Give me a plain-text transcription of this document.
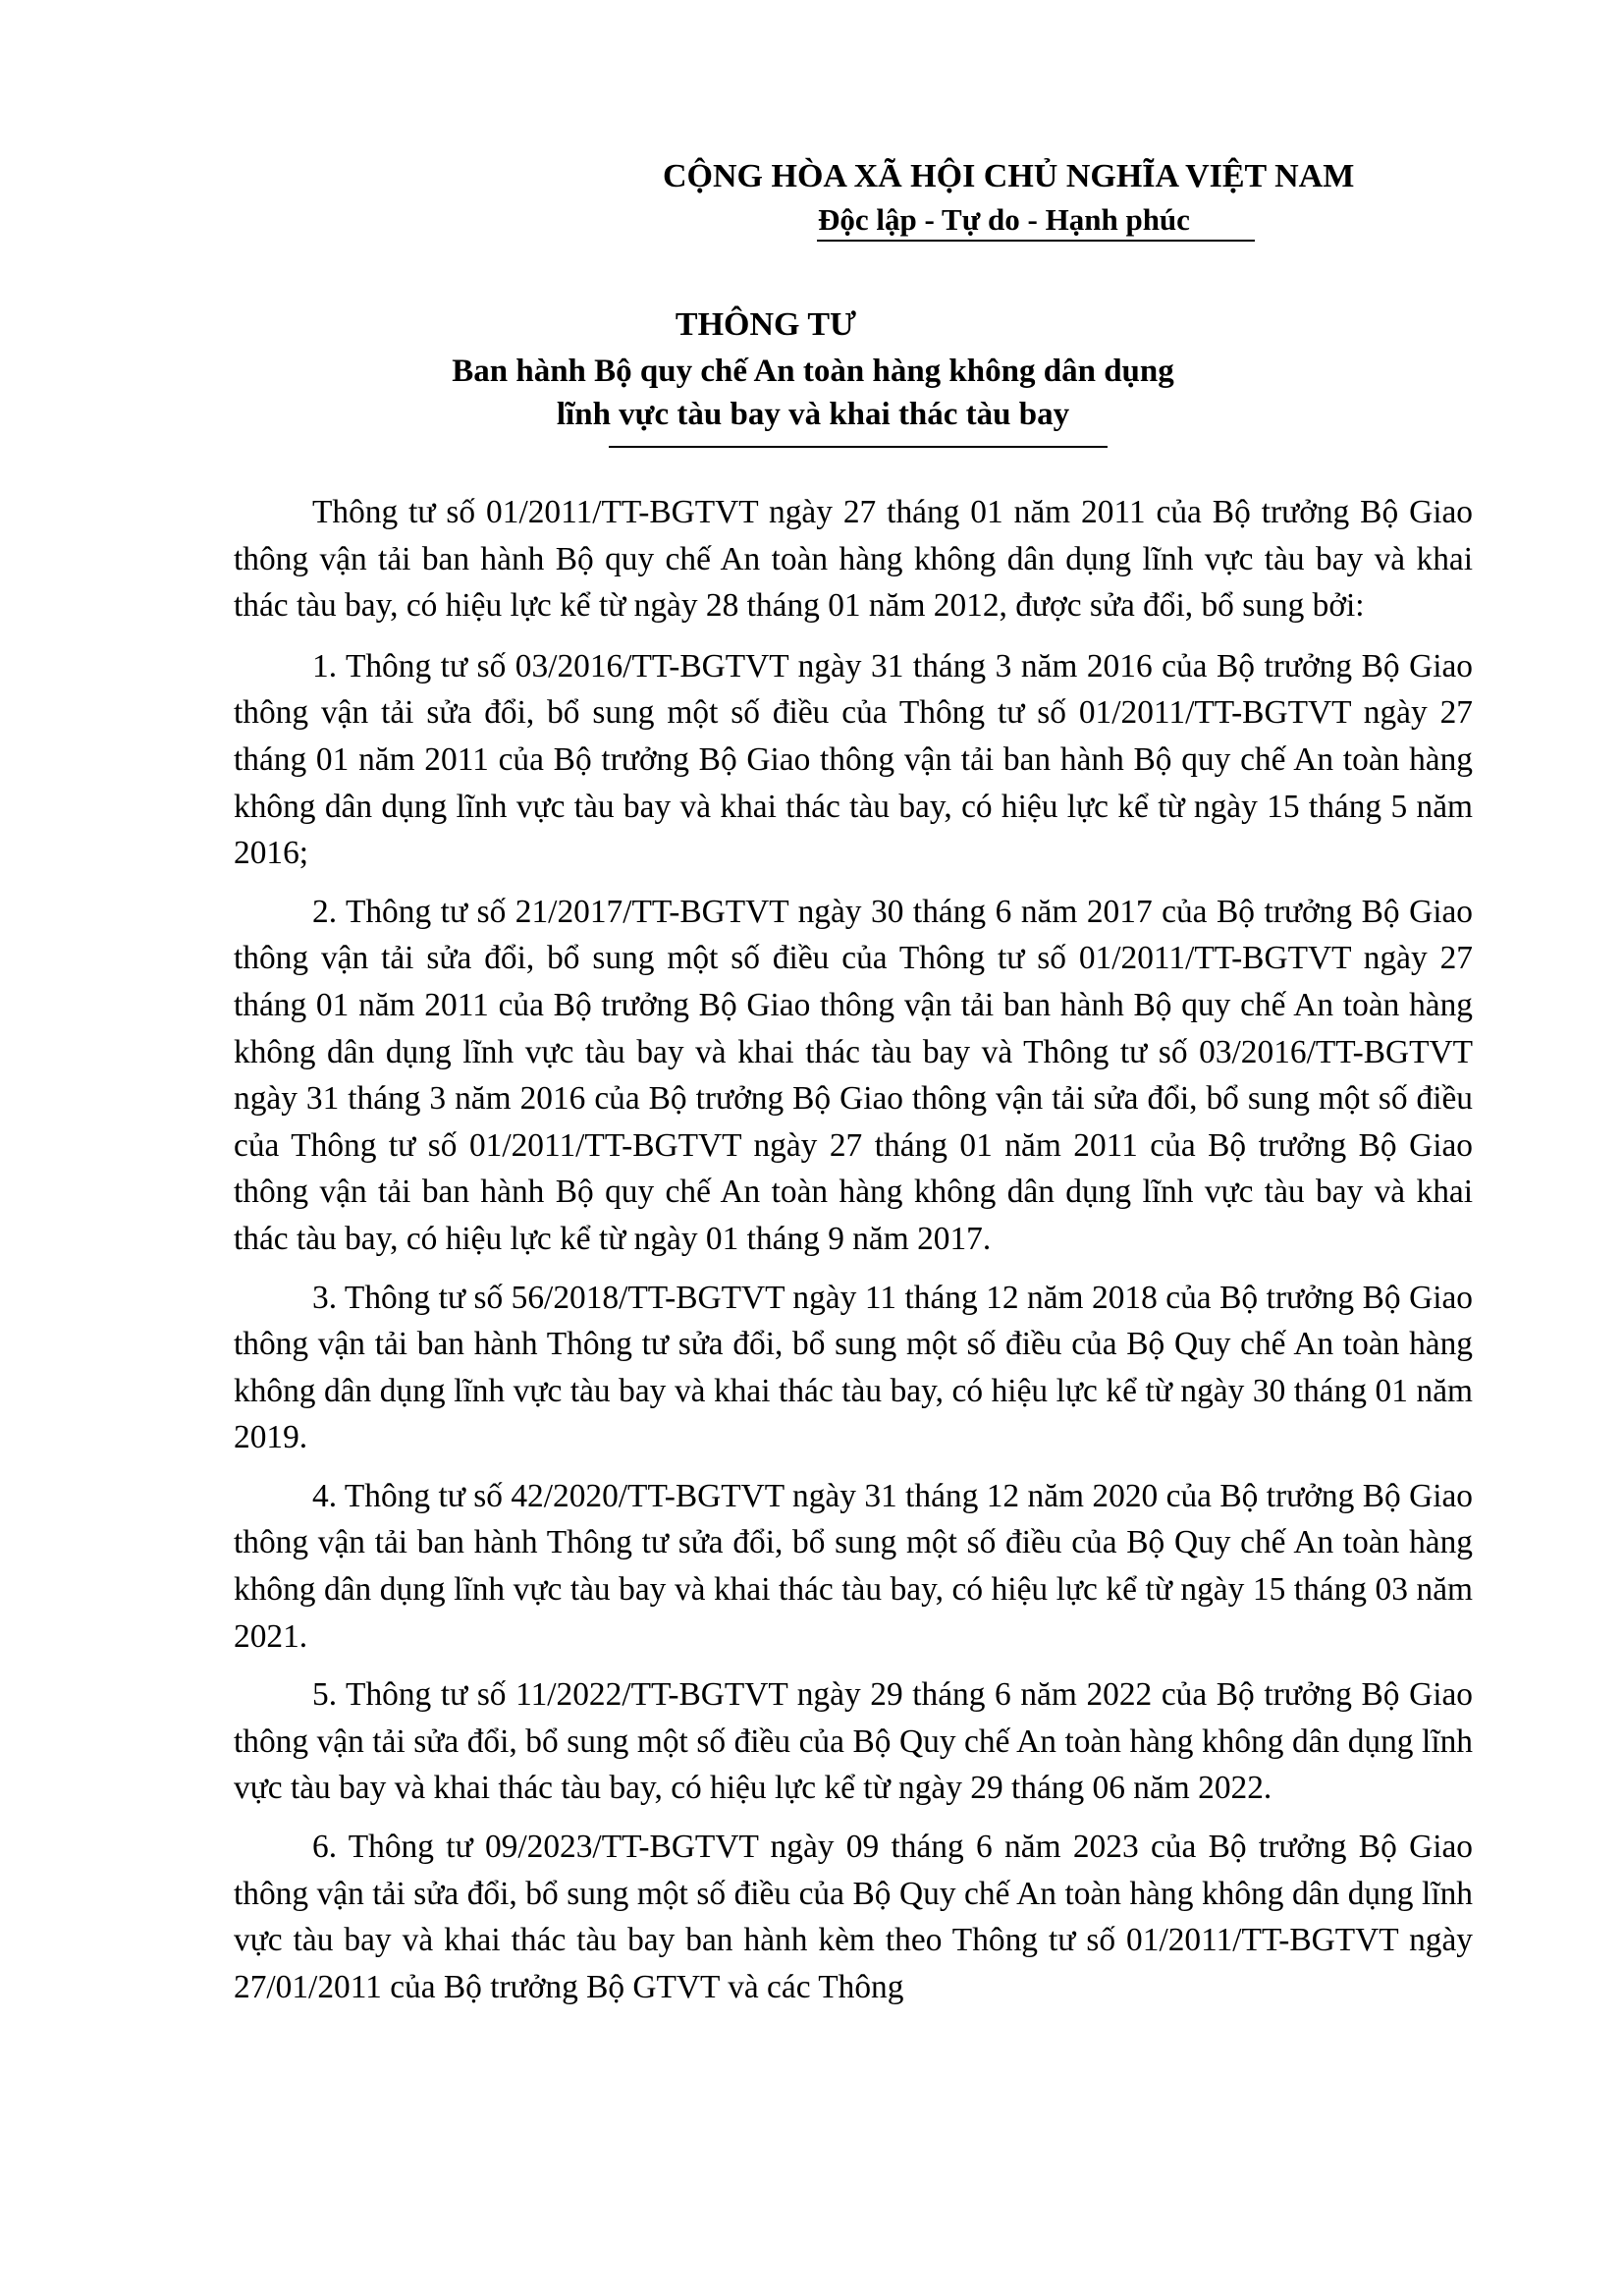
CỘNG HÒA XÃ HỘI CHỦ NGHĨA VIỆT NAM
Độc lập - Tự do - Hạnh phúc
THÔNG TƯ
Ban hành Bộ quy chế An toàn hàng không dân dụng
lĩnh vực tàu bay và khai thác tàu bay

Thông tư số 01/2011/TT-BGTVT ngày 27 tháng 01 năm 2011 của Bộ trưởng Bộ Giao thông vận tải ban hành Bộ quy chế An toàn hàng không dân dụng lĩnh vực tàu bay và khai thác tàu bay, có hiệu lực kể từ ngày 28 tháng 01 năm 2012, được sửa đổi, bổ sung bởi:

1. Thông tư số 03/2016/TT-BGTVT ngày 31 tháng 3 năm 2016 của Bộ trưởng Bộ Giao thông vận tải sửa đổi, bổ sung một số điều của Thông tư số 01/2011/TT-BGTVT ngày 27 tháng 01 năm 2011 của Bộ trưởng Bộ Giao thông vận tải ban hành Bộ quy chế An toàn hàng không dân dụng lĩnh vực tàu bay và khai thác tàu bay, có hiệu lực kể từ ngày 15 tháng 5 năm 2016;

2. Thông tư số 21/2017/TT-BGTVT ngày 30 tháng 6 năm 2017 của Bộ trưởng Bộ Giao thông vận tải sửa đổi, bổ sung một số điều của Thông tư số 01/2011/TT-BGTVT ngày 27 tháng 01 năm 2011 của Bộ trưởng Bộ Giao thông vận tải ban hành Bộ quy chế An toàn hàng không dân dụng lĩnh vực tàu bay và khai thác tàu bay và Thông tư số 03/2016/TT-BGTVT ngày 31 tháng 3 năm 2016 của Bộ trưởng Bộ Giao thông vận tải sửa đổi, bổ sung một số điều của Thông tư số 01/2011/TT-BGTVT ngày 27 tháng 01 năm 2011 của Bộ trưởng Bộ Giao thông vận tải ban hành Bộ quy chế An toàn hàng không dân dụng lĩnh vực tàu bay và khai thác tàu bay, có hiệu lực kể từ ngày 01 tháng 9 năm 2017.

3. Thông tư số 56/2018/TT-BGTVT ngày 11 tháng 12 năm 2018 của Bộ trưởng Bộ Giao thông vận tải ban hành Thông tư sửa đổi, bổ sung một số điều của Bộ Quy chế An toàn hàng không dân dụng lĩnh vực tàu bay và khai thác tàu bay, có hiệu lực kể từ ngày 30 tháng 01 năm 2019.

4. Thông tư số 42/2020/TT-BGTVT ngày 31 tháng 12 năm 2020 của Bộ trưởng Bộ Giao thông vận tải ban hành Thông tư sửa đổi, bổ sung một số điều của Bộ Quy chế An toàn hàng không dân dụng lĩnh vực tàu bay và khai thác tàu bay, có hiệu lực kể từ ngày 15 tháng 03 năm 2021.

5. Thông tư số 11/2022/TT-BGTVT ngày 29 tháng 6 năm 2022 của Bộ trưởng Bộ Giao thông vận tải sửa đổi, bổ sung một số điều của Bộ Quy chế An toàn hàng không dân dụng lĩnh vực tàu bay và khai thác tàu bay, có hiệu lực kể từ ngày 29 tháng 06 năm 2022.

6. Thông tư 09/2023/TT-BGTVT ngày 09 tháng 6 năm 2023 của Bộ trưởng Bộ Giao thông vận tải sửa đổi, bổ sung một số điều của Bộ Quy chế An toàn hàng không dân dụng lĩnh vực tàu bay và khai thác tàu bay ban hành kèm theo Thông tư số 01/2011/TT-BGTVT ngày 27/01/2011 của Bộ trưởng Bộ GTVT và các Thông
